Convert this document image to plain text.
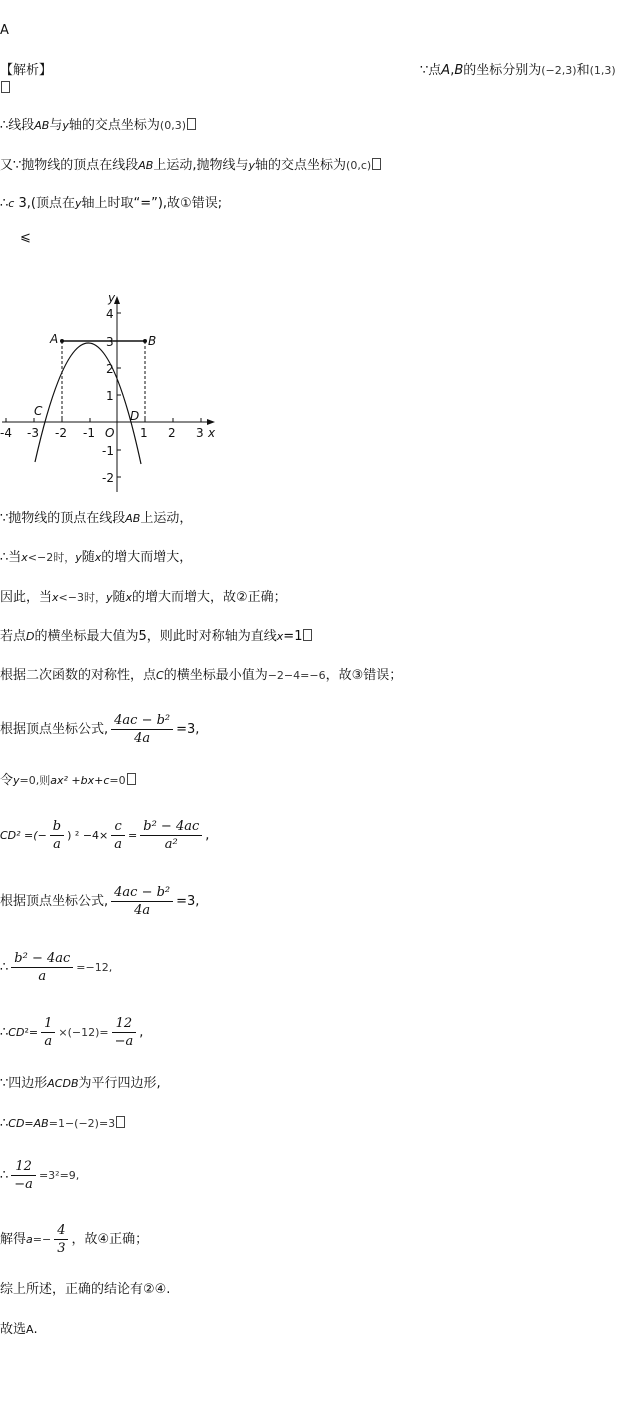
A
【解析】	∵点A,B的坐标分别为(−2,3)和(1,3)
∴线段AB与y轴的交点坐标为(0,3)
又∵抛物线的顶点在线段AB上运动,抛物线与y轴的交点坐标为(0,c)
∴c 3,(顶点在y轴上时取“=”),故①错误;
⩽
y
x
O
-4 -3 -2 -1	1 2 3
4
3
2
1
-1
-2
A	B
C	D
∵抛物线的顶点在线段AB上运动，
∴当x<−2时，y随x的增大而增大，
因此，当x<−3时，y随x的增大而增大，故②正确；
若点D的横坐标最大值为5，则此时对称轴为直线x=1
根据二次函数的对称性，点C的横坐标最小值为−2−4=−6，故③错误；
根据顶点坐标公式, $\frac{\text{4ac − b²}}{4a} =3$,
令y=0,则ax² +bx+c=0
CD² =(− $\frac{b}{a}$ ) $^2 -4\times \frac{c}{a} = \frac{\text{b² − 4ac}}{\text{a²}}$ ,
根据顶点坐标公式, $\frac{\text{4ac − b²}}{4a} =3$,
∴ $\frac{\text{b² − 4ac}}{a} =-12$,
∴CD²= $\frac{1}{a} \times(-12)= \frac{12}{-a}$ ,
∵四边形ACDB为平行四边形,
∴CD=AB=1−(−2)=3
∴ $\frac{12}{-a} =3^2=9$,
解得$a=- \frac{4}{3}$ ，故④正确；
综上所述，正确的结论有②④.
故选A.
